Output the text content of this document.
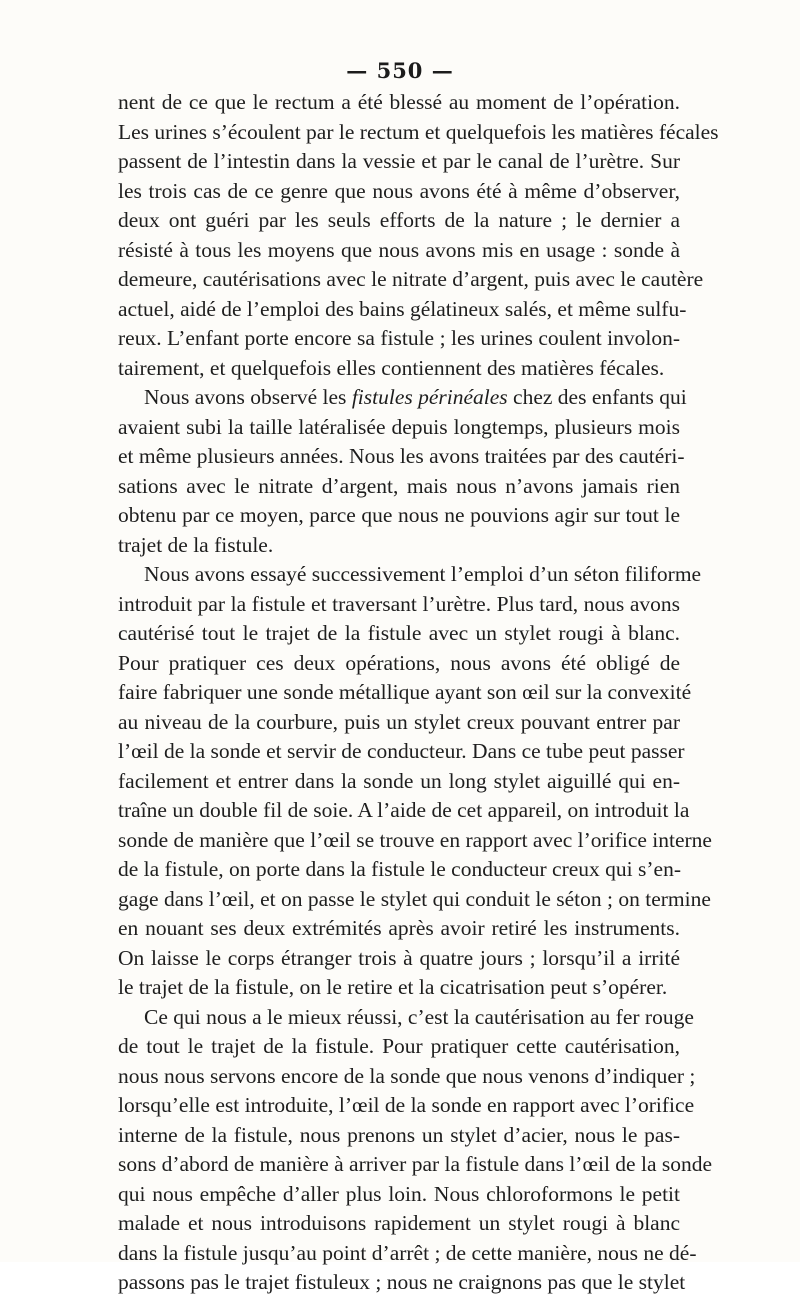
— 550 —
nent de ce que le rectum a été blessé au moment de l’opération.
Les urines s’écoulent par le rectum et quelquefois les matières fécales
passent de l’intestin dans la vessie et par le canal de l’urètre. Sur
les trois cas de ce genre que nous avons été à même d’observer,
deux ont guéri par les seuls efforts de la nature ; le dernier a
résisté à tous les moyens que nous avons mis en usage : sonde à
demeure, cautérisations avec le nitrate d’argent, puis avec le cautère
actuel, aidé de l’emploi des bains gélatineux salés, et même sulfu-
reux. L’enfant porte encore sa fistule ; les urines coulent involon-
tairement, et quelquefois elles contiennent des matières fécales.
Nous avons observé les fistules périnéales chez des enfants qui
avaient subi la taille latéralisée depuis longtemps, plusieurs mois
et même plusieurs années. Nous les avons traitées par des cautéri-
sations avec le nitrate d’argent, mais nous n’avons jamais rien
obtenu par ce moyen, parce que nous ne pouvions agir sur tout le
trajet de la fistule.
Nous avons essayé successivement l’emploi d’un séton filiforme
introduit par la fistule et traversant l’urètre. Plus tard, nous avons
cautérisé tout le trajet de la fistule avec un stylet rougi à blanc.
Pour pratiquer ces deux opérations, nous avons été obligé de
faire fabriquer une sonde métallique ayant son œil sur la convexité
au niveau de la courbure, puis un stylet creux pouvant entrer par
l’œil de la sonde et servir de conducteur. Dans ce tube peut passer
facilement et entrer dans la sonde un long stylet aiguillé qui en-
traîne un double fil de soie. A l’aide de cet appareil, on introduit la
sonde de manière que l’œil se trouve en rapport avec l’orifice interne
de la fistule, on porte dans la fistule le conducteur creux qui s’en-
gage dans l’œil, et on passe le stylet qui conduit le séton ; on termine
en nouant ses deux extrémités après avoir retiré les instruments.
On laisse le corps étranger trois à quatre jours ; lorsqu’il a irrité
le trajet de la fistule, on le retire et la cicatrisation peut s’opérer.
Ce qui nous a le mieux réussi, c’est la cautérisation au fer rouge
de tout le trajet de la fistule. Pour pratiquer cette cautérisation,
nous nous servons encore de la sonde que nous venons d’indiquer ;
lorsqu’elle est introduite, l’œil de la sonde en rapport avec l’orifice
interne de la fistule, nous prenons un stylet d’acier, nous le pas-
sons d’abord de manière à arriver par la fistule dans l’œil de la sonde
qui nous empêche d’aller plus loin. Nous chloroformons le petit
malade et nous introduisons rapidement un stylet rougi à blanc
dans la fistule jusqu’au point d’arrêt ; de cette manière, nous ne dé-
passons pas le trajet fistuleux ; nous ne craignons pas que le stylet
